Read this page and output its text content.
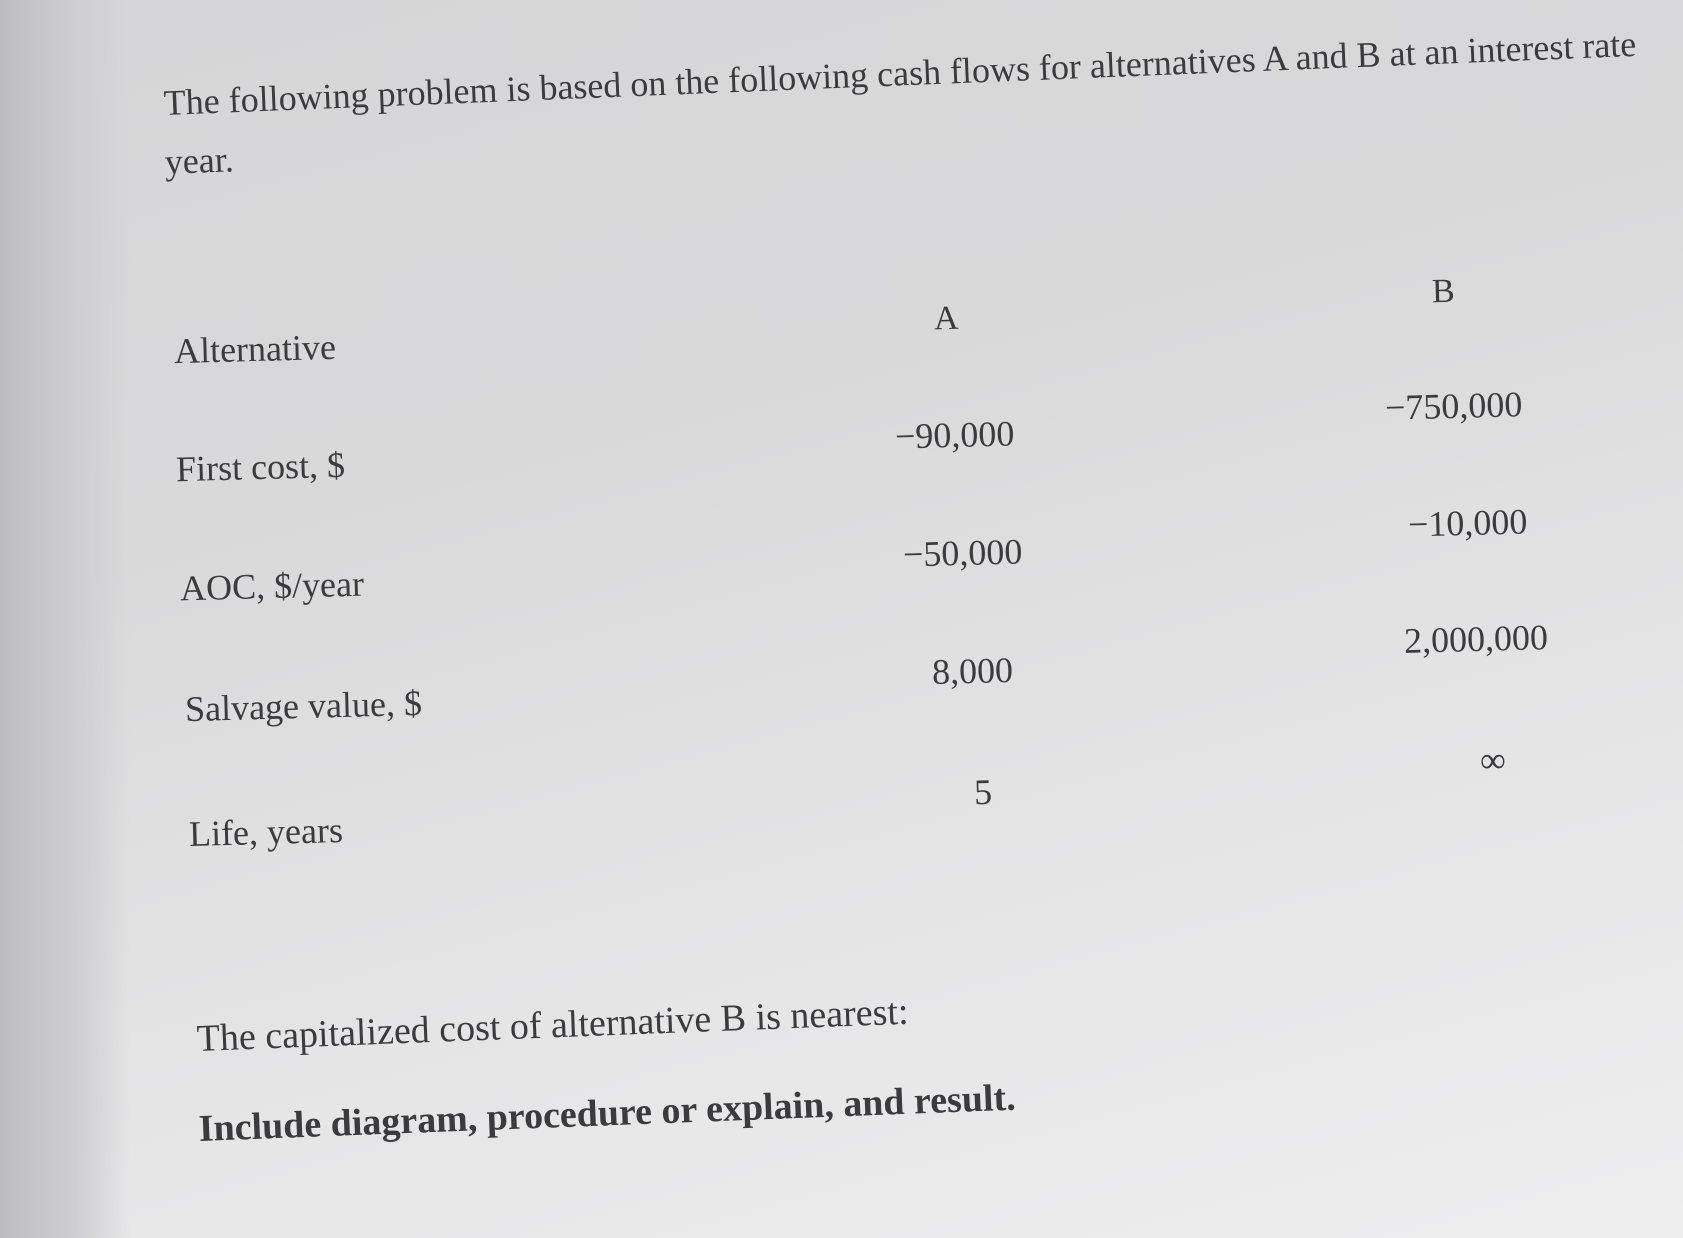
The following problem is based on the following cash flows for alternatives A and B at an interest rate
year.
Alternative
A
B
First cost, $
−90,000
−750,000
AOC, $/year
−50,000
−10,000
Salvage value, $
8,000
2,000,000
Life, years
5
∞
The capitalized cost of alternative B is nearest:
Include diagram, procedure or explain, and result.
